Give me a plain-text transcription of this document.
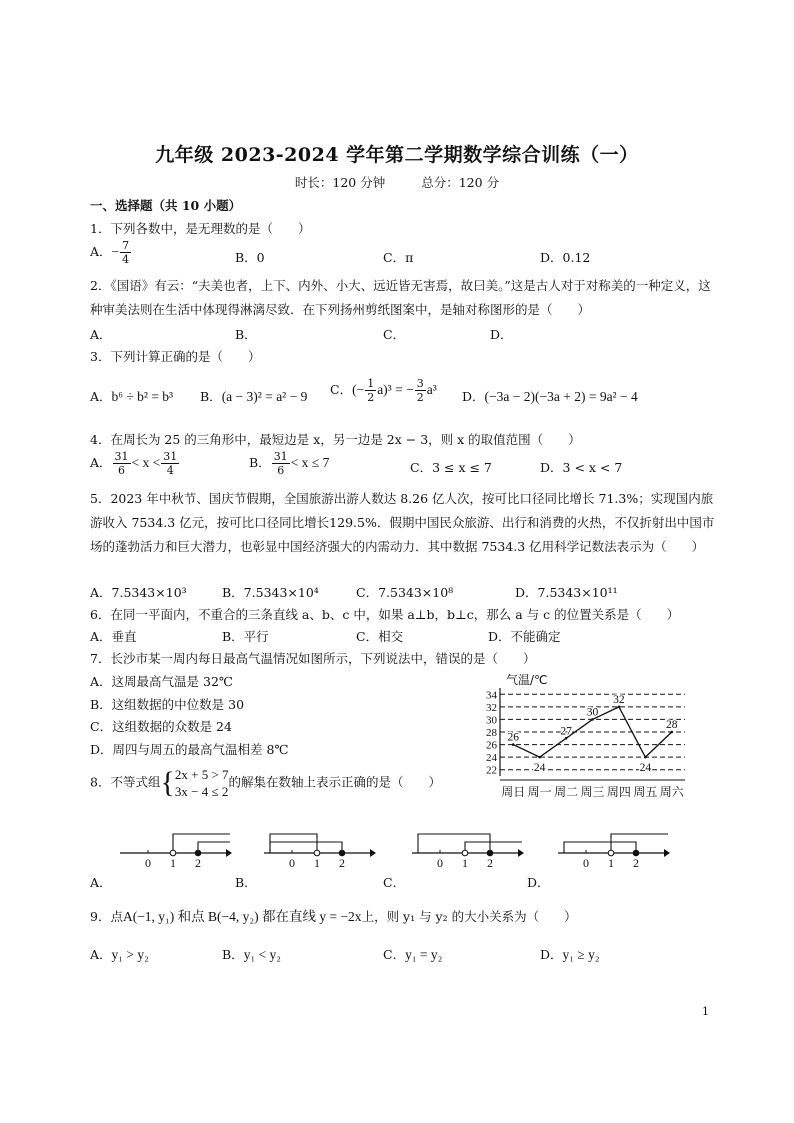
九年级 2023-2024 学年第二学期数学综合训练（一）
时长：120 分钟	总分：120 分
一、选择题（共 10 小题）
1．下列各数中，是无理数的是（　　）
A．− $\frac{7}{4}$	B．0	C．π	D．0.12
2．《国语》有云：“夫美也者，上下、内外、小大、远近皆无害焉，故曰美。”这是古人对于对称美的一种定义，这种审美法则在生活中体现得淋漓尽致．在下列扬州剪纸图案中，是轴对称图形的是（　　）
A．	B．	C．	D．
3．下列计算正确的是（　　）
A．b⁶ ÷ b² = b³ B．(a − 3)² = a² − 9 C．(− $\frac{1}{2} a)^3$ = − $\frac{3}{2} a^3$ D．(−3a − 2)(−3a + 2) = 9a² − 4
4．在周长为 25 的三角形中，最短边是 x，另一边是 2x − 3，则 x 的取值范围（　　）
A． $\frac{31}{6} < x < \frac{31}{4}$	B． $\frac{31}{6} < x \le 7$	C．3 ≤ x ≤ 7	D．3 < x < 7
5．2023 年中秋节、国庆节假期，全国旅游出游人数达 8.26 亿人次，按可比口径同比增长 71.3%；实现国内旅游收入 7534.3 亿元，按可比口径同比增长129.5%．假期中国民众旅游、出行和消费的火热，不仅折射出中国市场的蓬勃活力和巨大潜力，也彰显中国经济强大的内需动力．其中数据 7534.3 亿用科学记数法表示为（　　）
A．7.5343×10³	B．7.5343×10⁴	C．7.5343×10⁸	D．7.5343×10¹¹
6．在同一平面内，不重合的三条直线 a、b、c 中，如果 a⊥b，b⊥c，那么 a 与 c 的位置关系是（　　）
A．垂直	B．平行	C．相交	D．不能确定
7．长沙市某一周内每日最高气温情况如图所示，下列说法中，错误的是（　　）
A．这周最高气温是 32℃
B．这组数据的中位数是 30
C．这组数据的众数是 24
D．周四与周五的最高气温相差 8℃
气温/℃
22
24
26
28
30
32
34
周日 周一 周二 周三 周四 周五 周六
26
24
27
30
32
24
28
8．不等式组{2x + 5 > 7
3x − 4 ≤ 2的解集在数轴上表示正确的是（　　）
0 1 2	0 1 2	0 1 2	0 1 2
A．	B．	C．	D．
9．点A(−1, y₁) 和点 B(−4, y₂) 都在直线 y = −2x上，则 y₁ 与 y₂ 的大小关系为（　　）
A．y₁ > y₂	B．y₁ < y₂	C．y₁ = y₂	D．y₁ ≥ y₂
1
